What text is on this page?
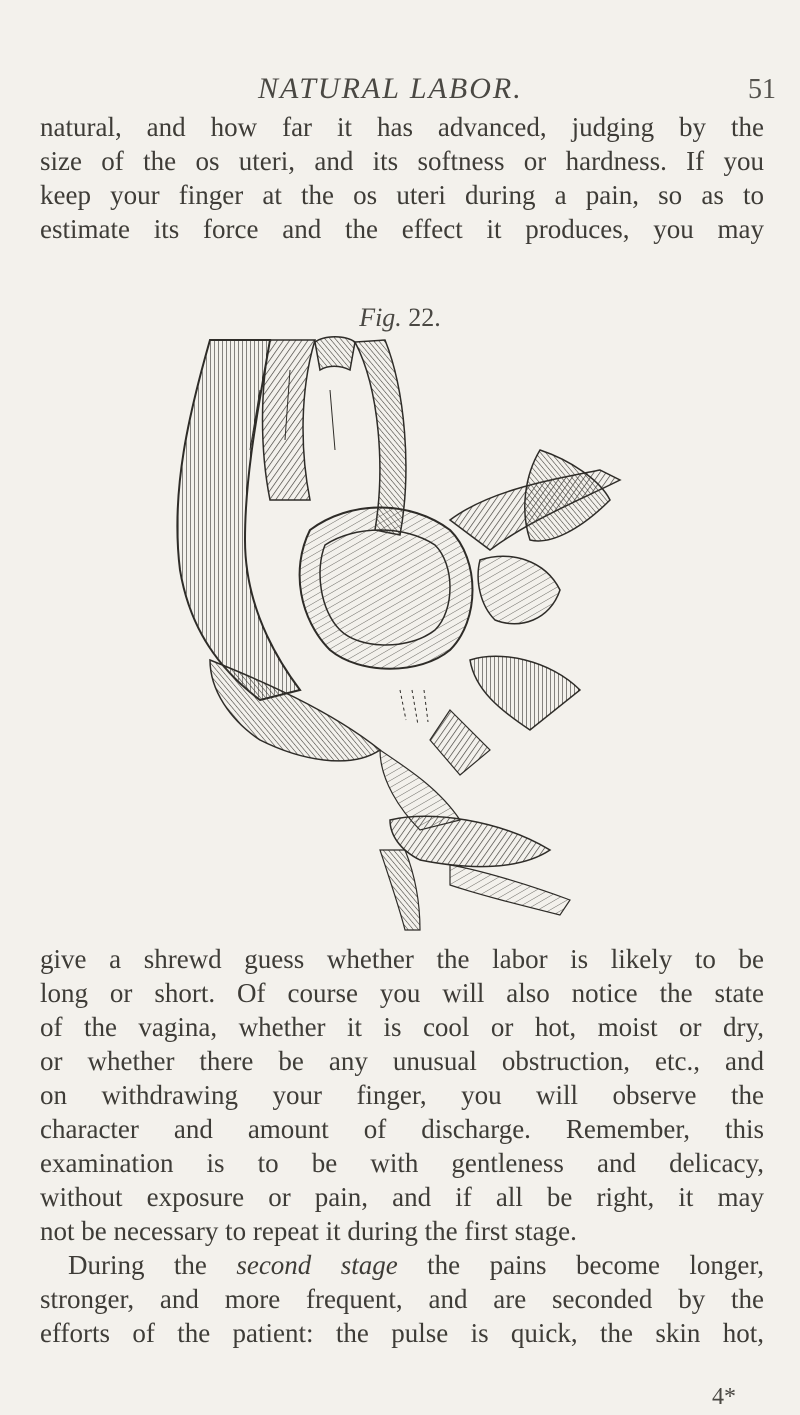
NATURAL LABOR.	51
natural, and how far it has advanced, judging by the
size of the os uteri, and its softness or hardness. If you
keep your finger at the os uteri during a pain, so as to
estimate its force and the effect it produces, you may
Fig. 22.
give a shrewd guess whether the labor is likely to be
long or short. Of course you will also notice the state
of the vagina, whether it is cool or hot, moist or dry,
or whether there be any unusual obstruction, etc., and
on withdrawing your finger, you will observe the
character and amount of discharge. Remember, this
examination is to be with gentleness and delicacy,
without exposure or pain, and if all be right, it may
not be necessary to repeat it during the first stage.
During the second stage the pains become longer,
stronger, and more frequent, and are seconded by the
efforts of the patient: the pulse is quick, the skin hot,
4*
